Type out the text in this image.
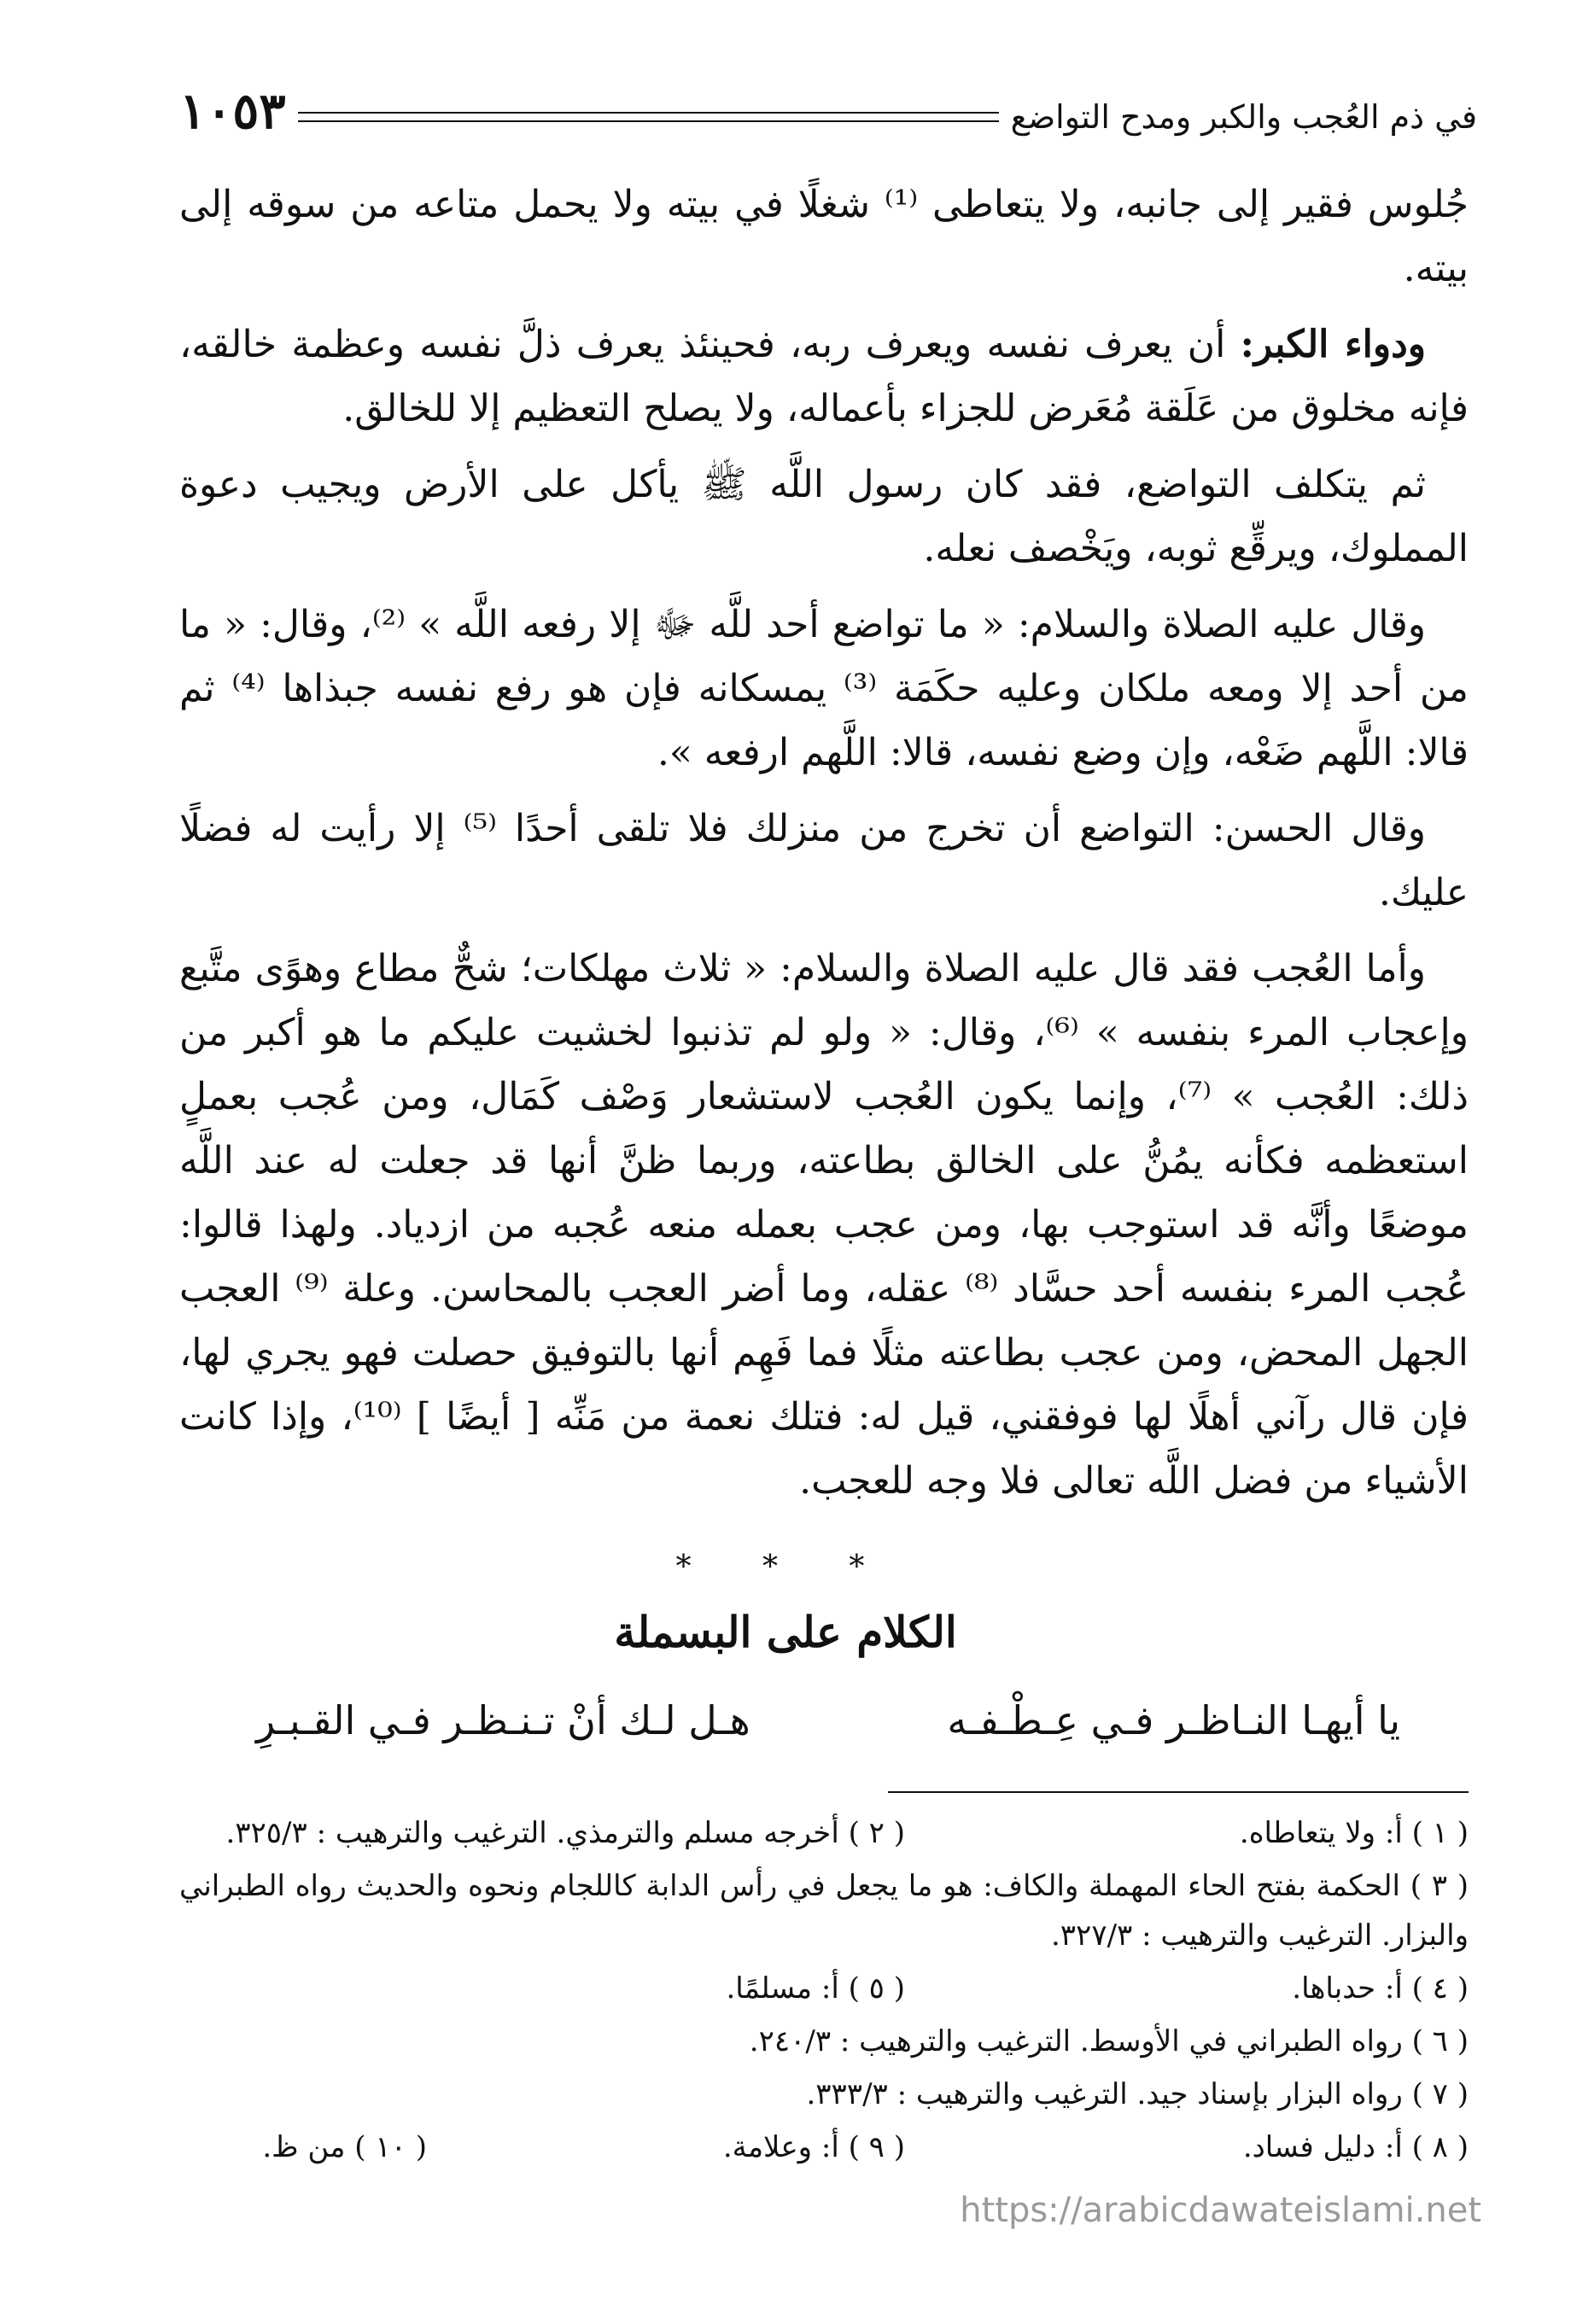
في ذم العُجب والكبر ومدح التواضع
١٠٥٣

جُلوس فقير إلى جانبه، ولا يتعاطى ⁽¹⁾ شغلًا في بيته ولا يحمل متاعه من سوقه إلى بيته.

ودواء الكبر: أن يعرف نفسه ويعرف ربه، فحينئذ يعرف ذلَّ نفسه وعظمة خالقه، فإنه مخلوق من عَلَقة مُعَرض للجزاء بأعماله، ولا يصلح التعظيم إلا للخالق.

ثم يتكلف التواضع، فقد كان رسول اللَّه ﷺ يأكل على الأرض ويجيب دعوة المملوك، ويرقِّع ثوبه، ويَخْصف نعله.

وقال عليه الصلاة والسلام: « ما تواضع أحد للَّه ﷻ إلا رفعه اللَّه » ⁽²⁾، وقال: « ما من أحد إلا ومعه ملكان وعليه حكَمَة ⁽³⁾ يمسكانه فإن هو رفع نفسه جبذاها ⁽⁴⁾ ثم قالا: اللَّهم ضَعْه، وإن وضع نفسه، قالا: اللَّهم ارفعه ».

وقال الحسن: التواضع أن تخرج من منزلك فلا تلقى أحدًا ⁽⁵⁾ إلا رأيت له فضلًا عليك.

وأما العُجب فقد قال عليه الصلاة والسلام: « ثلاث مهلكات؛ شحٌّ مطاع وهوًى متَّبع وإعجاب المرء بنفسه » ⁽⁶⁾، وقال: « ولو لم تذنبوا لخشيت عليكم ما هو أكبر من ذلك: العُجب » ⁽⁷⁾، وإنما يكون العُجب لاستشعار وَصْف كَمَال، ومن عُجب بعملٍ استعظمه فكأنه يمُنُّ على الخالق بطاعته، وربما ظنَّ أنها قد جعلت له عند اللَّه موضعًا وأنَّه قد استوجب بها، ومن عجب بعمله منعه عُجبه من ازدياد. ولهذا قالوا: عُجب المرء بنفسه أحد حسَّاد ⁽⁸⁾ عقله، وما أضر العجب بالمحاسن. وعلة ⁽⁹⁾ العجب الجهل المحض، ومن عجب بطاعته مثلًا فما فَهِم أنها بالتوفيق حصلت فهو يجري لها، فإن قال رآني أهلًا لها فوفقني، قيل له: فتلك نعمة من مَنِّه [ أيضًا ] ⁽¹⁰⁾، وإذا كانت الأشياء من فضل اللَّه تعالى فلا وجه للعجب.

* * *
الكلام على البسملة
يا أيهـا النـاظـر فـي عِـطْـفـه
هـل لـك أنْ تـنـظـر فـي القـبـرِ
( ١ ) أ: ولا يتعاطاه.
( ٢ ) أخرجه مسلم والترمذي. الترغيب والترهيب : ٣٢٥/٣.
( ٣ ) الحكمة بفتح الحاء المهملة والكاف: هو ما يجعل في رأس الدابة كاللجام ونحوه والحديث رواه الطبراني والبزار. الترغيب والترهيب : ٣٢٧/٣.
( ٤ ) أ: حدباها.
( ٥ ) أ: مسلمًا.
( ٦ ) رواه الطبراني في الأوسط. الترغيب والترهيب : ٢٤٠/٣.
( ٧ ) رواه البزار بإسناد جيد. الترغيب والترهيب : ٣٣٣/٣.
( ٨ ) أ: دليل فساد.
( ٩ ) أ: وعلامة.
( ١٠ ) من ظ.
https://arabicdawateislami.net
